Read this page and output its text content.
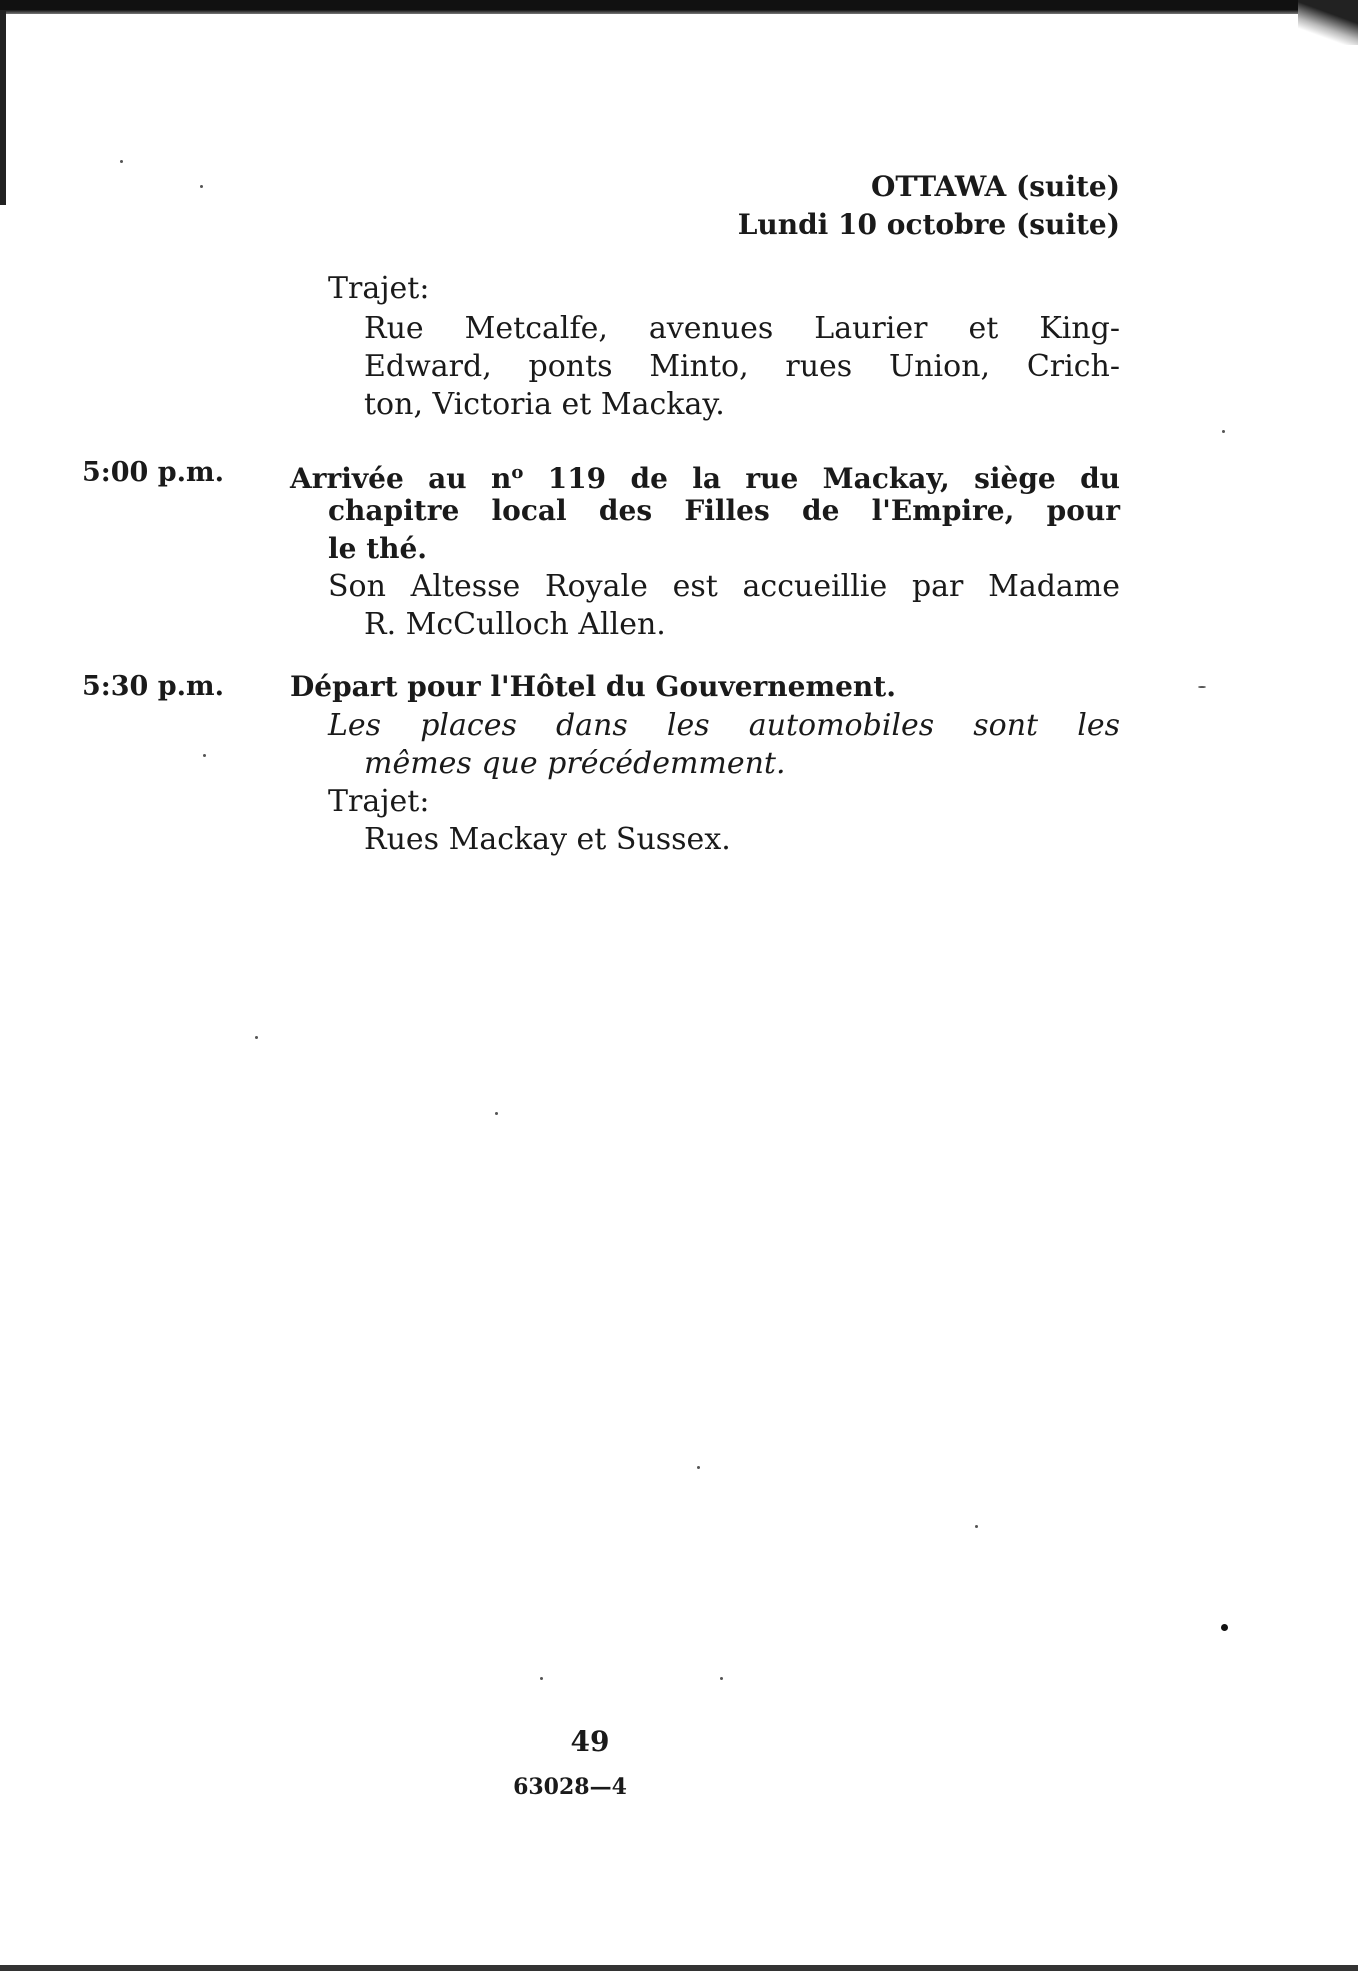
OTTAWA (suite)
Lundi 10 octobre (suite)
Trajet:
Rue Metcalfe, avenues Laurier et King-
Edward, ponts Minto, rues Union, Crich-
ton, Victoria et Mackay.
5:00 p.m. Arrivée au $n^o$ 119 de la rue Mackay, siège du
chapitre local des Filles de l'Empire, pour
le thé.
Son Altesse Royale est accueillie par Madame
R. McCulloch Allen.
5:30 p.m. Départ pour l'Hôtel du Gouvernement.
Les places dans les automobiles sont les
mêmes que précédemment.
Trajet:
Rues Mackay et Sussex.
49
63028—4
